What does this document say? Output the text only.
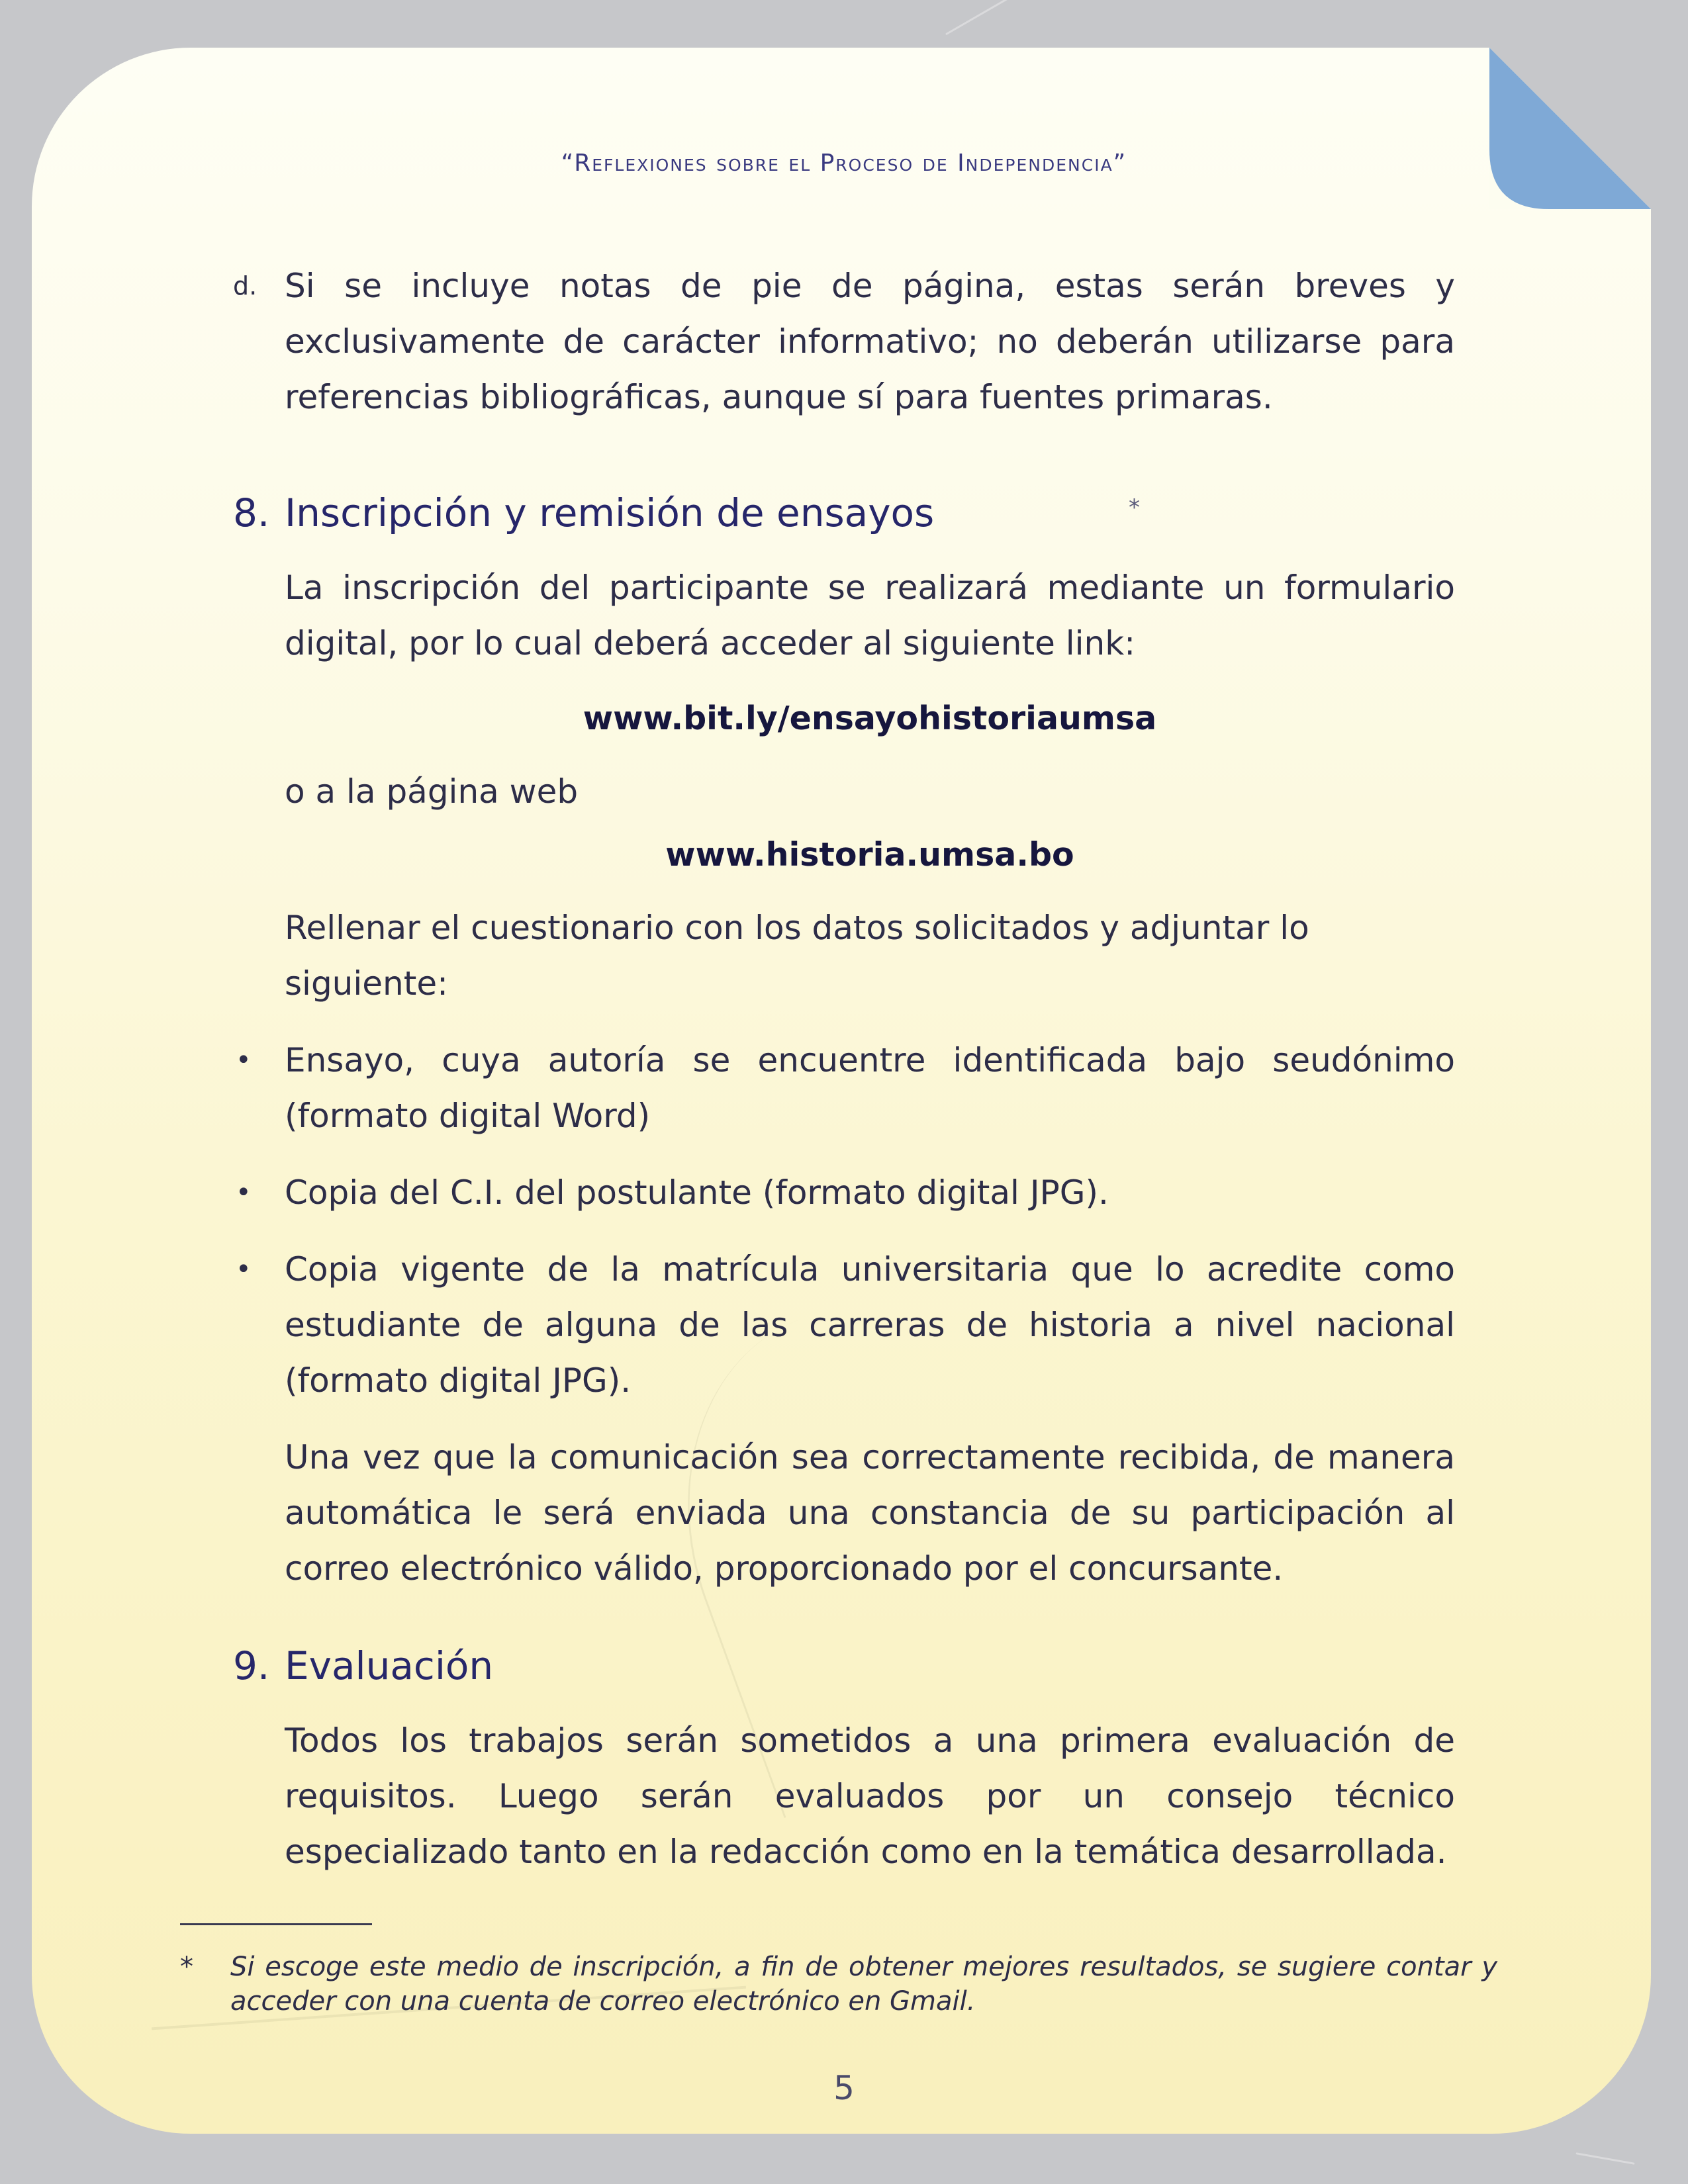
“Reflexiones sobre el Proceso de Independencia”
d. Si se incluye notas de pie de página, estas serán breves y exclusivamente de carácter informativo; no deberán utilizarse para referencias bibliográficas, aunque sí para fuentes primaras.
8. Inscripción y remisión de ensayos	*
La inscripción del participante se realizará mediante un formulario digital, por lo cual deberá acceder al siguiente link:
www.bit.ly/ensayohistoriaumsa
o a la página web
www.historia.umsa.bo
Rellenar el cuestionario con los datos solicitados y adjuntar lo siguiente:
• Ensayo, cuya autoría se encuentre identificada bajo seudónimo (formato digital Word)
• Copia del C.I. del postulante (formato digital JPG).
• Copia vigente de la matrícula universitaria que lo acredite como estudiante de alguna de las carreras de historia a nivel nacional (formato digital JPG).
Una vez que la comunicación sea correctamente recibida, de manera automática le será enviada una constancia de su participación al correo electrónico válido, proporcionado por el concursante.
9. Evaluación
Todos los trabajos serán sometidos a una primera evaluación de requisitos. Luego serán evaluados por un consejo técnico especializado tanto en la redacción como en la temática desarrollada.
* Si escoge este medio de inscripción, a fin de obtener mejores resultados, se sugiere contar y acceder con una cuenta de correo electrónico en Gmail.
5
